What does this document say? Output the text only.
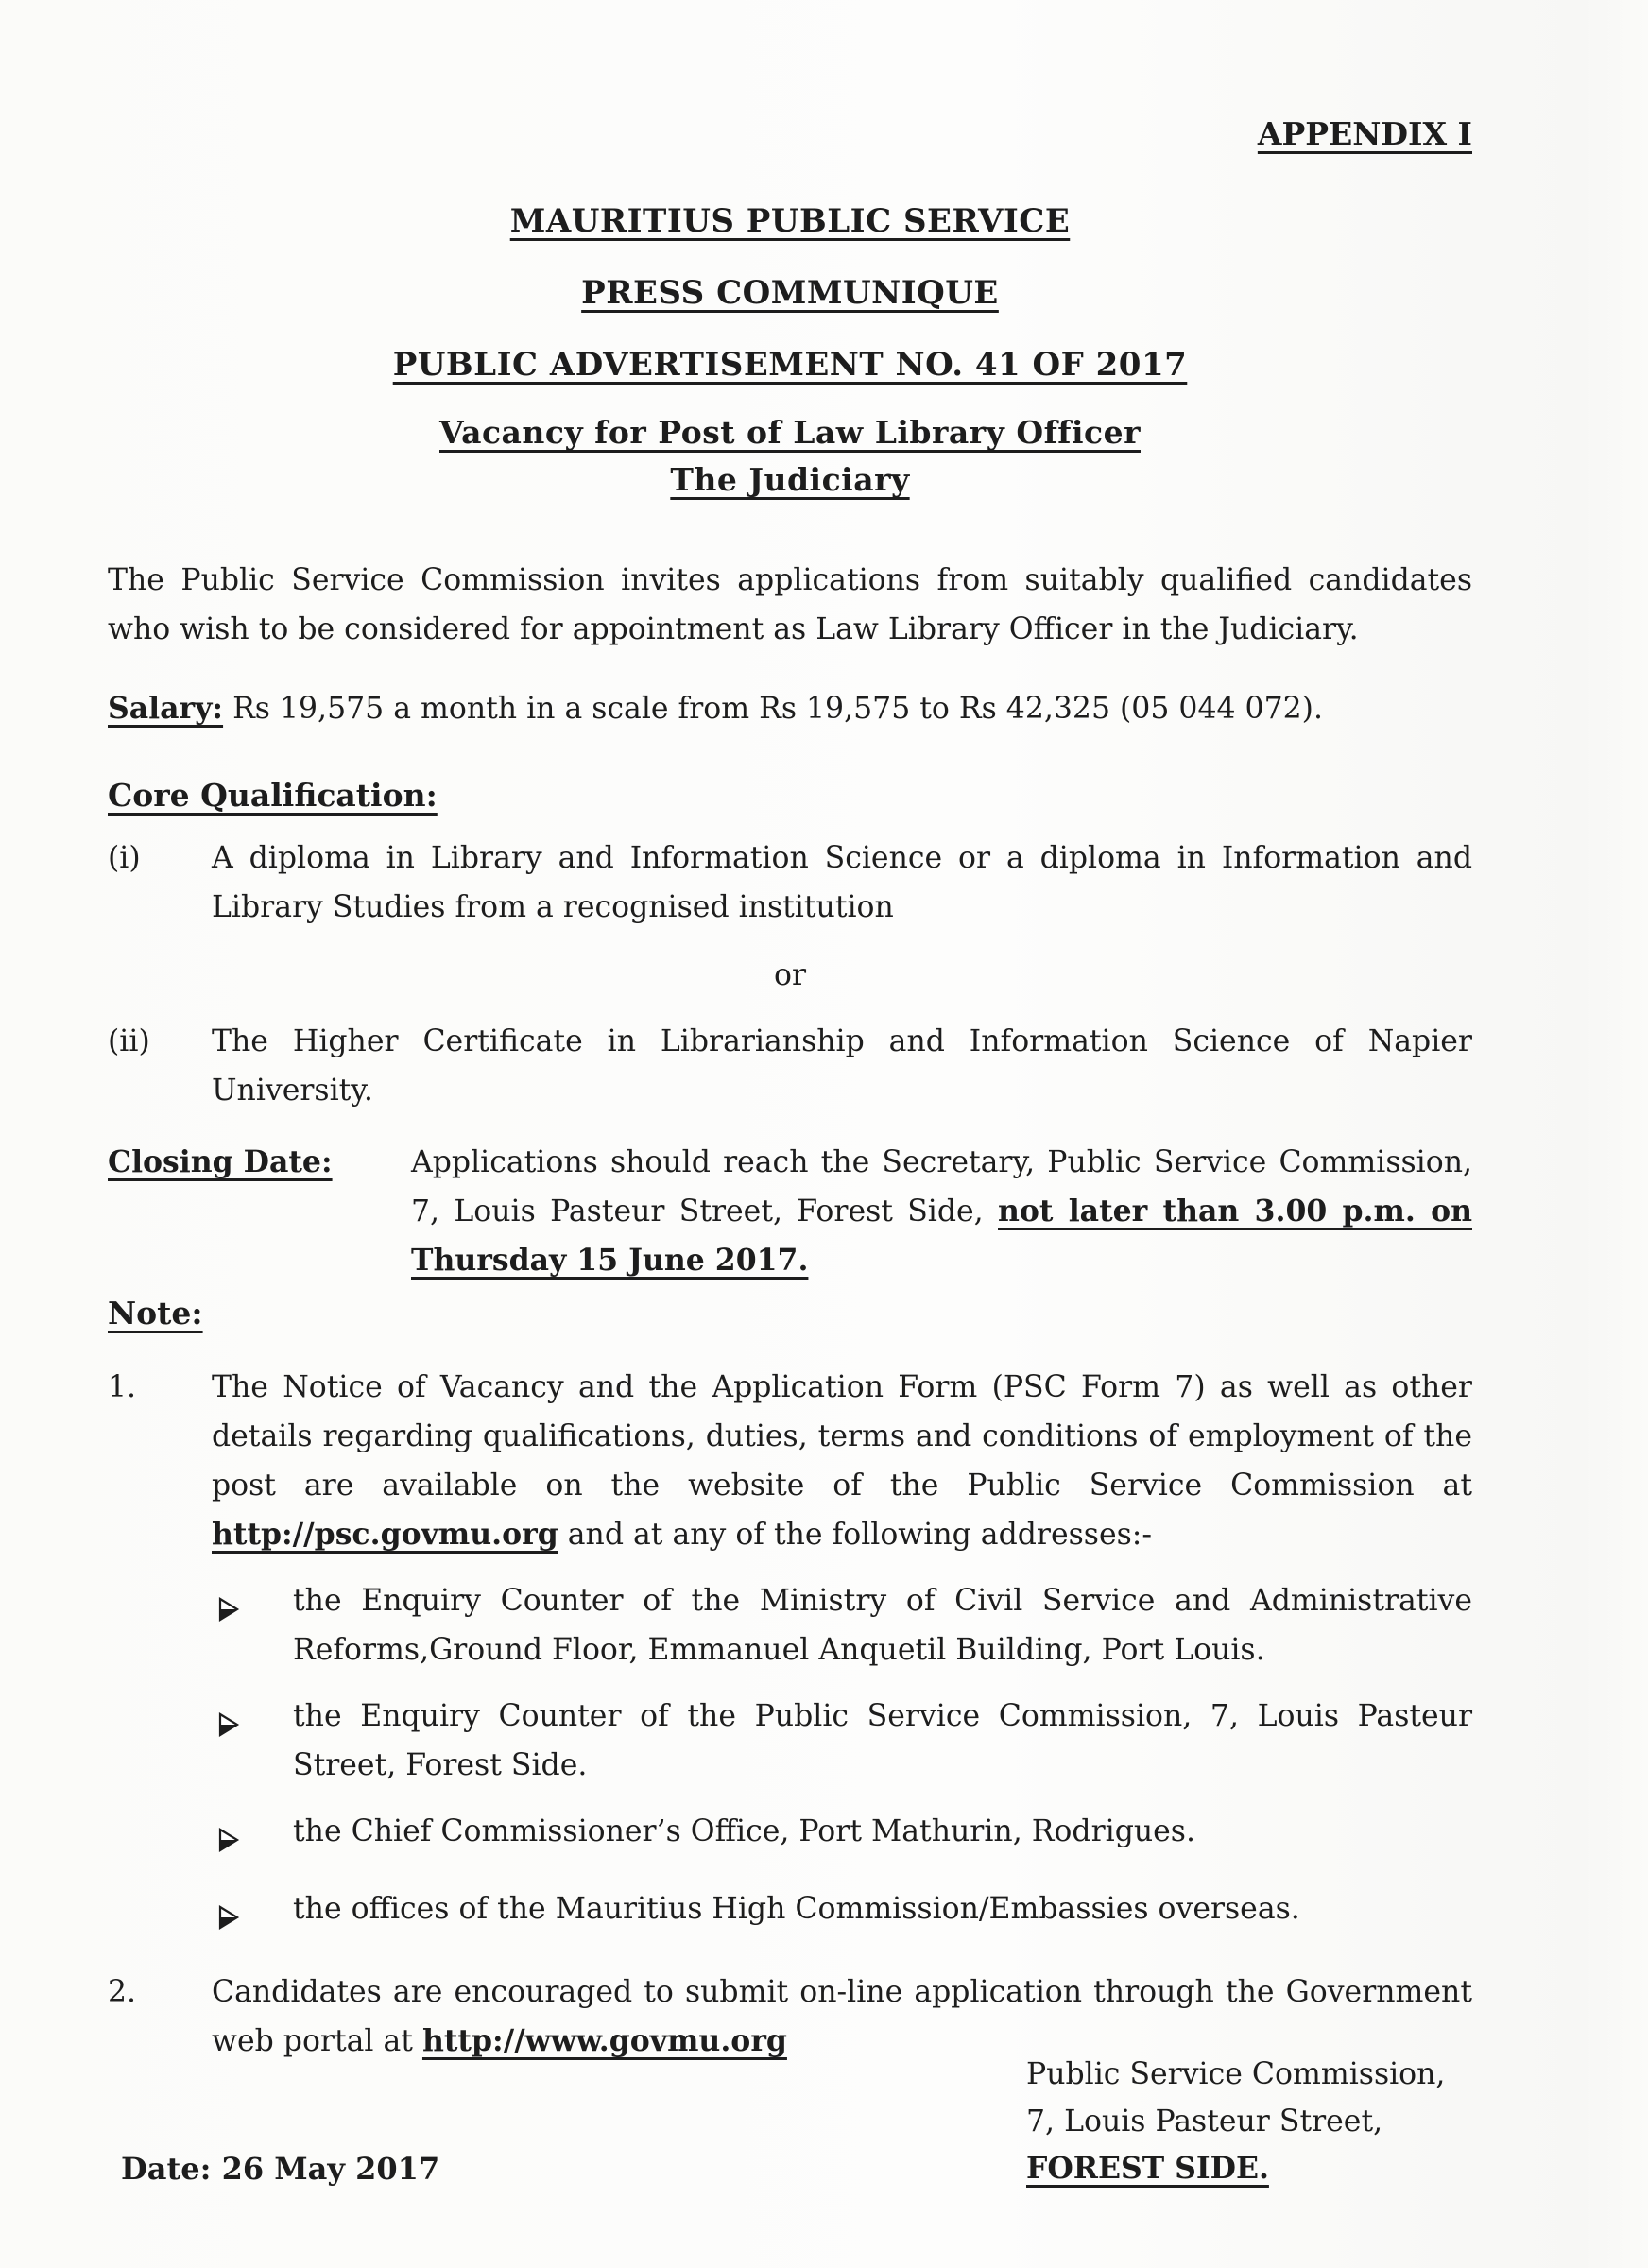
APPENDIX I
MAURITIUS PUBLIC SERVICE
PRESS COMMUNIQUE
PUBLIC ADVERTISEMENT NO. 41 OF 2017
Vacancy for Post of Law Library Officer
The Judiciary

The Public Service Commission invites applications from suitably qualified candidates who wish to be considered for appointment as Law Library Officer in the Judiciary.

Salary: Rs 19,575 a month in a scale from Rs 19,575 to Rs 42,325 (05 044 072).

Core Qualification:
(i)	A diploma in Library and Information Science or a diploma in Information and Library Studies from a recognised institution
or
(ii)	The Higher Certificate in Librarianship and Information Science of Napier University.
Closing Date:	Applications should reach the Secretary, Public Service Commission, 7, Louis Pasteur Street, Forest Side, not later than 3.00 p.m. on Thursday 15 June 2017.
Note:
1.	The Notice of Vacancy and the Application Form (PSC Form 7) as well as other details regarding qualifications, duties, terms and conditions of employment of the post are available on the website of the Public Service Commission at http://psc.govmu.org and at any of the following addresses:-
the Enquiry Counter of the Ministry of Civil Service and Administrative Reforms,Ground Floor, Emmanuel Anquetil Building, Port Louis.
the Enquiry Counter of the Public Service Commission, 7, Louis Pasteur Street, Forest Side.
the Chief Commissioner’s Office, Port Mathurin, Rodrigues.
the offices of the Mauritius High Commission/Embassies overseas.
2.	Candidates are encouraged to submit on-line application through the Government web portal at http://www.govmu.org
Date: 26 May 2017
Public Service Commission,
7, Louis Pasteur Street,
FOREST SIDE.
